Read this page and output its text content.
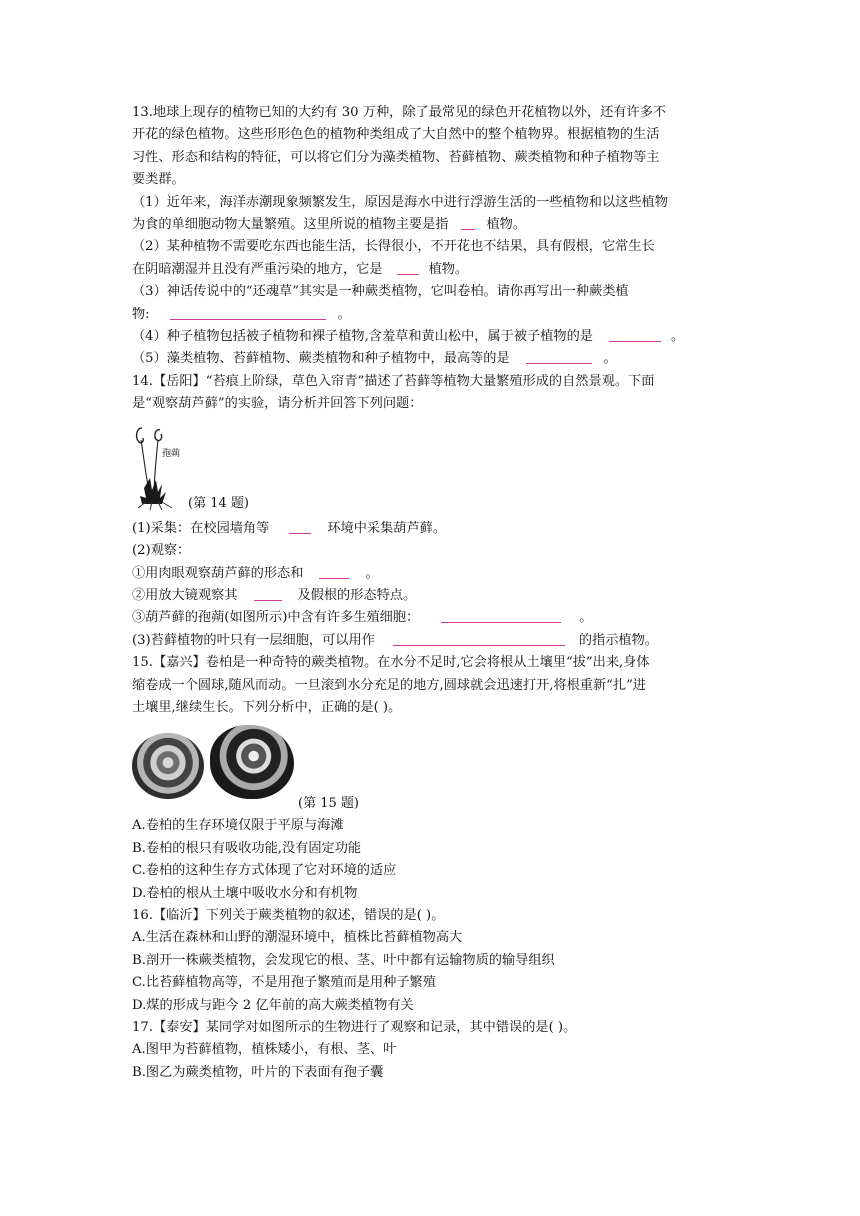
13.地球上现存的植物已知的大约有 30 万种，除了最常见的绿色开花植物以外，还有许多不

开花的绿色植物。这些形形色色的植物种类组成了大自然中的整个植物界。根据植物的生活

习性、形态和结构的特征，可以将它们分为藻类植物、苔藓植物、蕨类植物和种子植物等主

要类群。

（1）近年来，海洋赤潮现象频繁发生，原因是海水中进行浮游生活的一些植物和以这些植物

为食的单细胞动物大量繁殖。这里所说的植物主要是指	植物。

（2）某种植物不需要吃东西也能生活，长得很小，不开花也不结果，具有假根，它常生长

在阴暗潮湿并且没有严重污染的地方，它是	植物。

（3）神话传说中的“还魂草”其实是一种蕨类植物，它叫卷柏。请你再写出一种蕨类植

物:	。

（4）种子植物包括被子植物和裸子植物,含羞草和黄山松中，属于被子植物的是	。

（5）藻类植物、苔藓植物、蕨类植物和种子植物中，最高等的是	。

14.【岳阳】“苔痕上阶绿，草色入帘青”描述了苔藓等植物大量繁殖形成的自然景观。下面

是“观察葫芦藓”的实验，请分析并回答下列问题：

孢蒴
(第 14 题)

(1)采集：在校园墙角等	环境中采集葫芦藓。

(2)观察：

①用肉眼观察葫芦藓的形态和	。

②用放大镜观察其	及假根的形态特点。

③葫芦藓的孢蒴(如图所示)中含有许多生殖细胞：	。

(3)苔藓植物的叶只有一层细胞，可以用作	的指示植物。

15.【嘉兴】卷柏是一种奇特的蕨类植物。在水分不足时,它会将根从土壤里“拔”出来,身体

缩卷成一个圆球,随风而动。一旦滚到水分充足的地方,圆球就会迅速打开,将根重新“扎”进

土壤里,继续生长。下列分析中，正确的是( )。

(第 15 题)

A.卷柏的生存环境仅限于平原与海滩

B.卷柏的根只有吸收功能,没有固定功能

C.卷柏的这种生存方式体现了它对环境的适应

D.卷柏的根从土壤中吸收水分和有机物

16.【临沂】下列关于蕨类植物的叙述，错误的是( )。

A.生活在森林和山野的潮湿环境中，植株比苔藓植物高大

B.剖开一株蕨类植物，会发现它的根、茎、叶中都有运输物质的输导组织

C.比苔藓植物高等，不是用孢子繁殖而是用种子繁殖

D.煤的形成与距今 2 亿年前的高大蕨类植物有关

17.【泰安】某同学对如图所示的生物进行了观察和记录，其中错误的是( )。

A.图甲为苔藓植物，植株矮小，有根、茎、叶

B.图乙为蕨类植物，叶片的下表面有孢子囊
